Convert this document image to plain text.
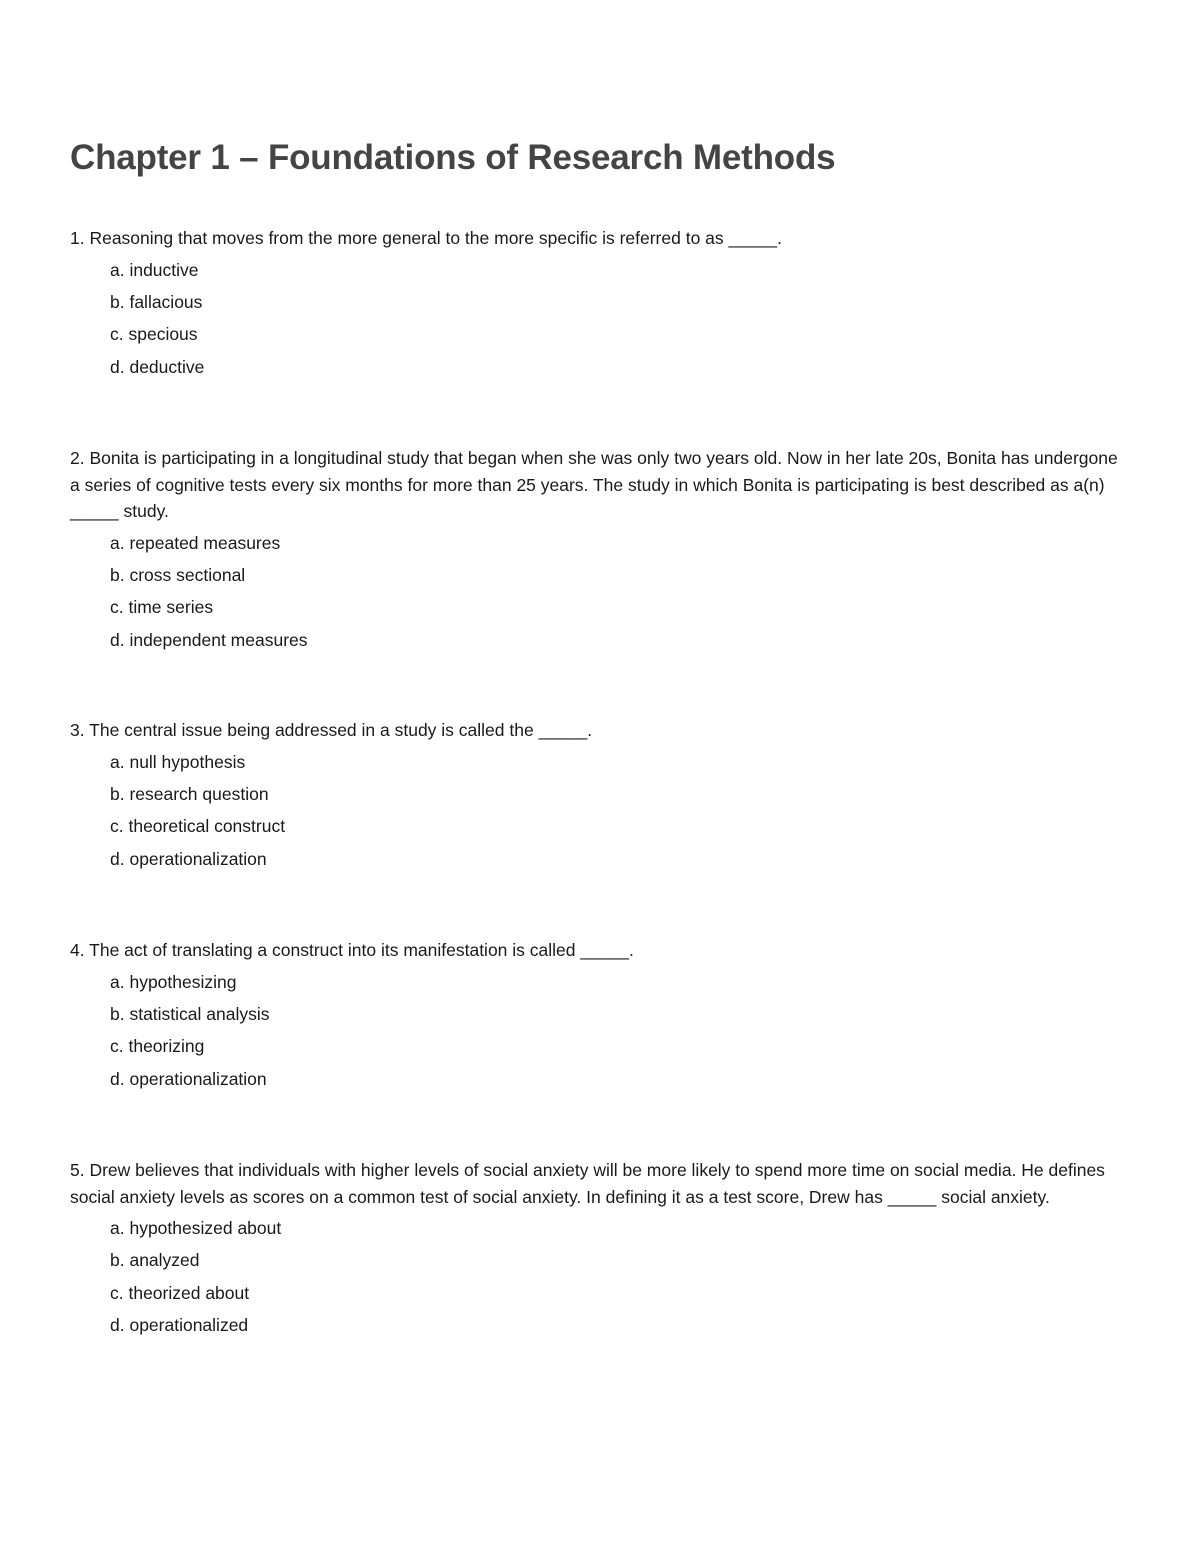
Chapter 1 – Foundations of Research Methods

1. Reasoning that moves from the more general to the more specific is referred to as _____.

a. inductive
b. fallacious
c. specious
d. deductive

2. Bonita is participating in a longitudinal study that began when she was only two years old. Now in her late 20s, Bonita has undergone a series of cognitive tests every six months for more than 25 years. The study in which Bonita is participating is best described as a(n) _____ study.

a. repeated measures
b. cross sectional
c. time series
d. independent measures

3. The central issue being addressed in a study is called the _____.

a. null hypothesis
b. research question
c. theoretical construct
d. operationalization

4. The act of translating a construct into its manifestation is called _____.

a. hypothesizing
b. statistical analysis
c. theorizing
d. operationalization

5. Drew believes that individuals with higher levels of social anxiety will be more likely to spend more time on social media. He defines social anxiety levels as scores on a common test of social anxiety. In defining it as a test score, Drew has _____ social anxiety.

a. hypothesized about
b. analyzed
c. theorized about
d. operationalized
